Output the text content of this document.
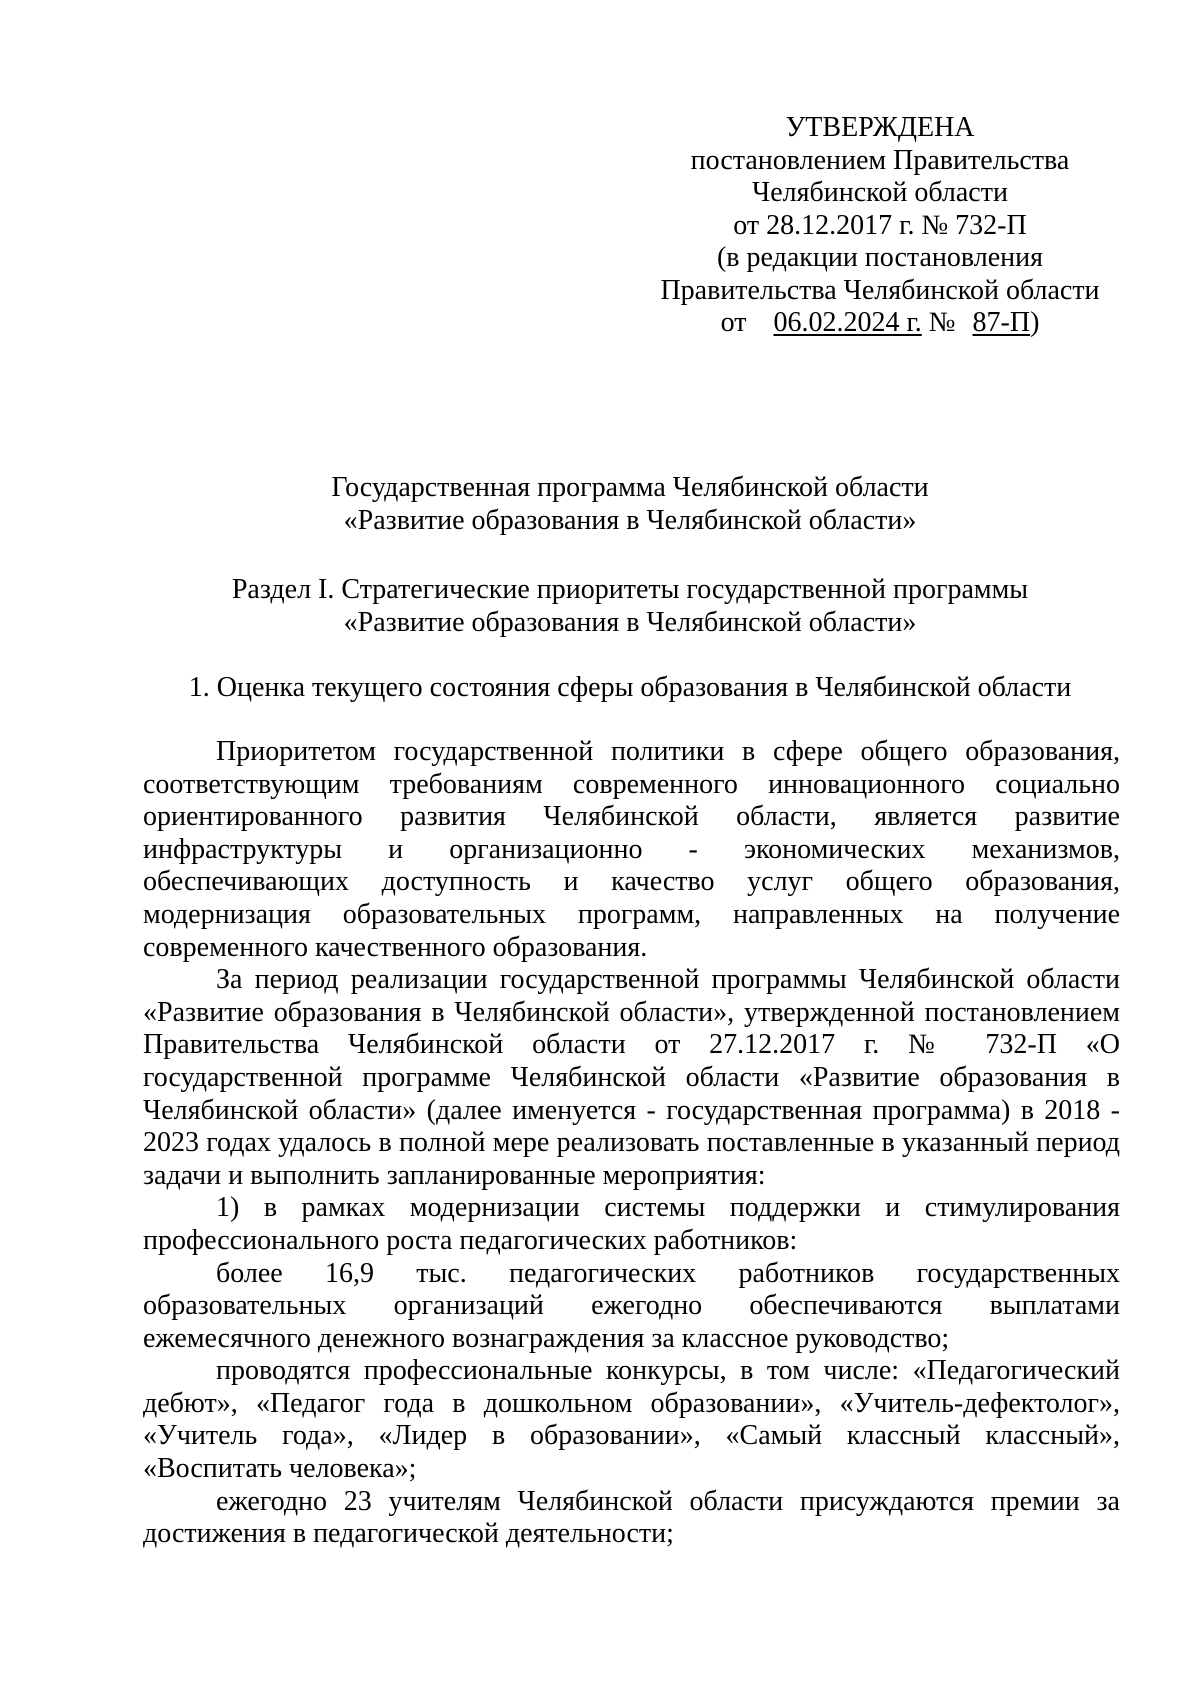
УТВЕРЖДЕНА
постановлением Правительства
Челябинской области
от 28.12.2017 г. № 732-П
(в редакции постановления
Правительства Челябинской области
от 06.02.2024 г. № 87-П)
Государственная программа Челябинской области
«Развитие образования в Челябинской области»
Раздел I. Стратегические приоритеты государственной программы
«Развитие образования в Челябинской области»
1. Оценка текущего состояния сферы образования в Челябинской области

Приоритетом государственной политики в сфере общего образования, соответствующим требованиям современного инновационного социально ориентированного развития Челябинской области, является развитие инфраструктуры и организационно - экономических механизмов, обеспечивающих доступность и качество услуг общего образования, модернизация образовательных программ, направленных на получение современного качественного образования.

За период реализации государственной программы Челябинской области «Развитие образования в Челябинской области», утвержденной постановлением Правительства Челябинской области от 27.12.2017 г. № 732-П «О государственной программе Челябинской области «Развитие образования в Челябинской области» (далее именуется - государственная программа) в 2018 - 2023 годах удалось в полной мере реализовать поставленные в указанный период задачи и выполнить запланированные мероприятия:

1) в рамках модернизации системы поддержки и стимулирования профессионального роста педагогических работников:

более 16,9 тыс. педагогических работников государственных образовательных организаций ежегодно обеспечиваются выплатами ежемесячного денежного вознаграждения за классное руководство;

проводятся профессиональные конкурсы, в том числе: «Педагогический дебют», «Педагог года в дошкольном образовании», «Учитель-дефектолог», «Учитель года», «Лидер в образовании», «Самый классный классный», «Воспитать человека»;

ежегодно 23 учителям Челябинской области присуждаются премии за достижения в педагогической деятельности;
